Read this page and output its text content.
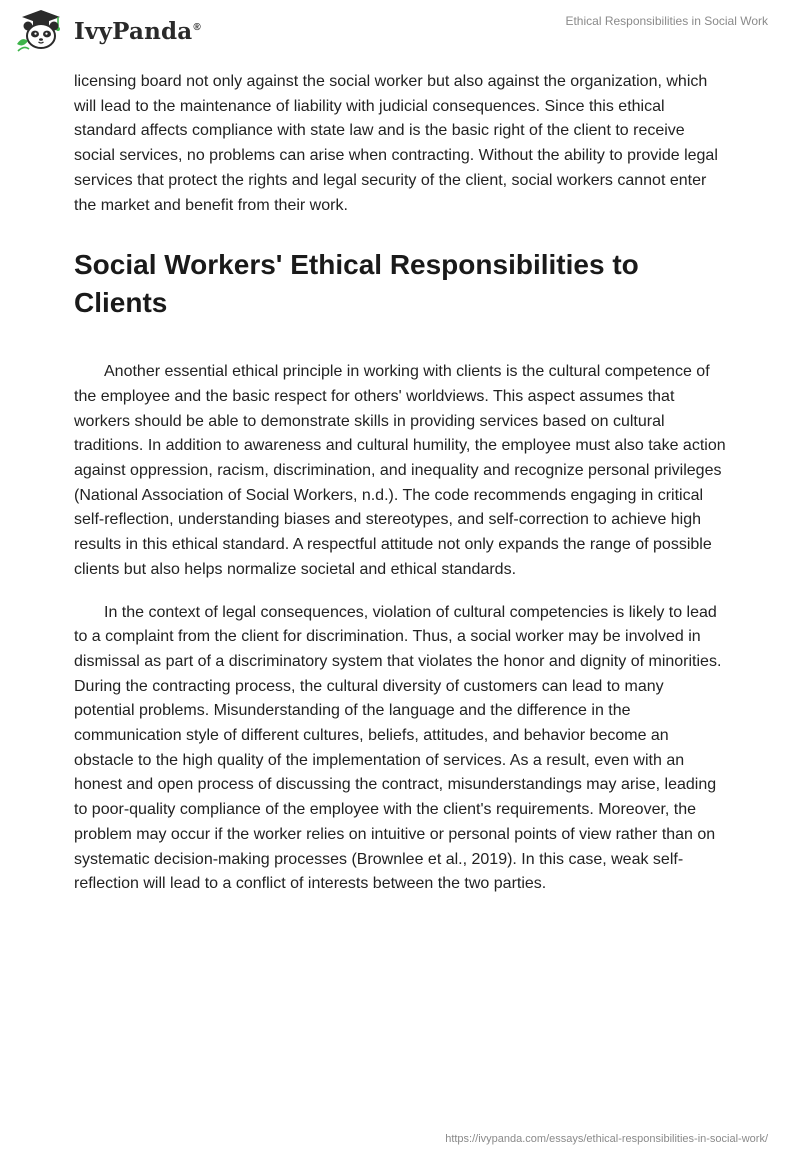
IvyPanda®	Ethical Responsibilities in Social Work

licensing board not only against the social worker but also against the organization, which will lead to the maintenance of liability with judicial consequences. Since this ethical standard affects compliance with state law and is the basic right of the client to receive social services, no problems can arise when contracting. Without the ability to provide legal services that protect the rights and legal security of the client, social workers cannot enter the market and benefit from their work.

Social Workers' Ethical Responsibilities to Clients

Another essential ethical principle in working with clients is the cultural competence of the employee and the basic respect for others' worldviews. This aspect assumes that workers should be able to demonstrate skills in providing services based on cultural traditions. In addition to awareness and cultural humility, the employee must also take action against oppression, racism, discrimination, and inequality and recognize personal privileges (National Association of Social Workers, n.d.). The code recommends engaging in critical self-reflection, understanding biases and stereotypes, and self-correction to achieve high results in this ethical standard. A respectful attitude not only expands the range of possible clients but also helps normalize societal and ethical standards.

In the context of legal consequences, violation of cultural competencies is likely to lead to a complaint from the client for discrimination. Thus, a social worker may be involved in dismissal as part of a discriminatory system that violates the honor and dignity of minorities. During the contracting process, the cultural diversity of customers can lead to many potential problems. Misunderstanding of the language and the difference in the communication style of different cultures, beliefs, attitudes, and behavior become an obstacle to the high quality of the implementation of services. As a result, even with an honest and open process of discussing the contract, misunderstandings may arise, leading to poor-quality compliance of the employee with the client's requirements. Moreover, the problem may occur if the worker relies on intuitive or personal points of view rather than on systematic decision-making processes (Brownlee et al., 2019). In this case, weak self-reflection will lead to a conflict of interests between the two parties.

https://ivypanda.com/essays/ethical-responsibilities-in-social-work/
